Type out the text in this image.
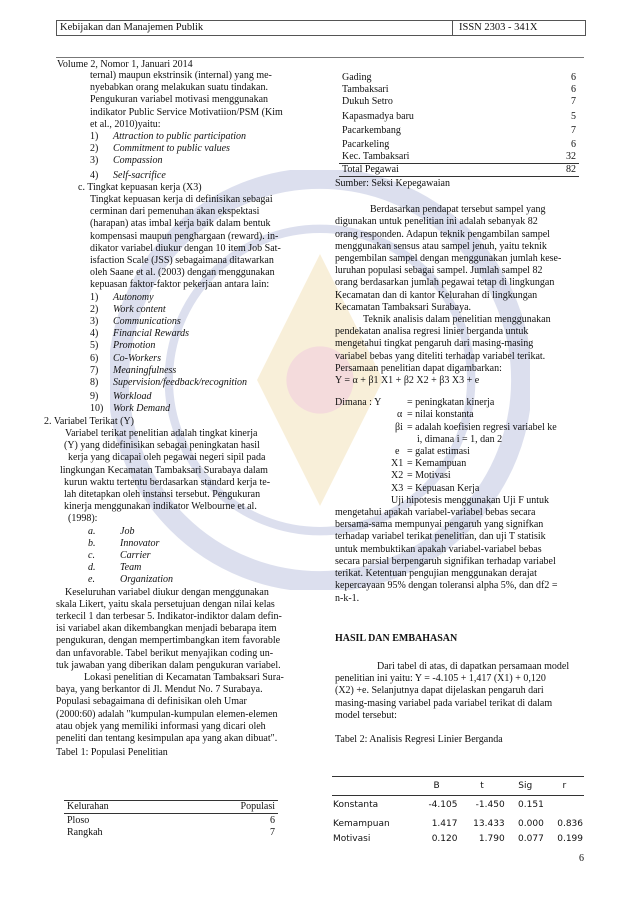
Kebijakan dan Manajemen Publik	ISSN 2303 - 341X
Volume 2, Nomor 1, Januari 2014
ternal) maupun ekstrinsik (internal) yang me-
nyebabkan orang melakukan suatu tindakan.
Pengukuran variabel motivasi menggunakan
indikator Public Service Motivatiion/PSM (Kim
et al., 2010)yaitu:
1)	Attraction to public participation
2)	Commitment to public values
3)	Compassion
4)	Self-sacrifice
c. Tingkat kepuasan kerja (X3)
Tingkat kepuasan kerja di definisikan sebagai
cerminan dari pemenuhan akan ekspektasi
(harapan) atas imbal kerja baik dalam bentuk
kompensasi maupun penghargaan (reward). in-
dikator variabel diukur dengan 10 item Job Sat-
isfaction Scale (JSS) sebagaimana ditawarkan
oleh Saane et al. (2003) dengan menggunakan
kepuasan faktor-faktor pekerjaan antara lain:
1)	Autonomy
2)	Work content
3)	Communications
4)	Financial Rewards
5)	Promotion
6)	Co-Workers
7)	Meaningfulness
8)	Supervision/feedback/recognition
9)	Workload
10) Work Demand
2. Variabel Terikat (Y)
Variabel terikat penelitian adalah tingkat kinerja
(Y) yang didefinisikan sebagai peningkatan hasil
kerja yang dicapai oleh pegawai negeri sipil pada
lingkungan Kecamatan Tambaksari Surabaya dalam
kurun waktu tertentu berdasarkan standard kerja te-
lah ditetapkan oleh instansi tersebut. Pengukuran
kinerja menggunakan indikator Welbourne et al.
(1998):
a.	Job
b.	Innovator
c.	Carrier
d.	Team
e.	Organization
Keseluruhan variabel diukur dengan menggunakan
skala Likert, yaitu skala persetujuan dengan nilai kelas
terkecil 1 dan terbesar 5. Indikator-indiktor dalam defin-
isi variabel akan dikembangkan menjadi bebarapa item
pengukuran, dengan mempertimbangkan item favorable
dan unfavorable. Tabel berikut menyajikan coding un-
tuk jawaban yang diberikan dalam pengukuran variabel.
Lokasi penelitian di Kecamatan Tambaksari Sura-
baya, yang berkantor di Jl. Mendut No. 7 Surabaya.
Populasi sebagaimana di definisikan oleh Umar
(2000:60) adalah "kumpulan-kumpulan elemen-elemen
atau objek yang memiliki informasi yang dicari oleh
peneliti dan tentang kesimpulan apa yang akan dibuat".
Tabel 1: Populasi Penelitian
Kelurahan	Populasi

Ploso	6
Rangkah	7
Gading	6
Tambaksari	6
Dukuh Setro	7
Kapasmadya baru	5
Pacarkembang	7
Pacarkeling	6
Kec. Tambaksari	32
Total Pegawai	82
Sumber: Seksi Kepegawaian
Berdasarkan pendapat tersebut sampel yang
digunakan untuk penelitian ini adalah sebanyak 82
orang responden. Adapun teknik pengambilan sampel
menggunakan sensus atau sampel jenuh, yaitu teknik
pengembilan sampel dengan menggunakan jumlah kese-
luruhan populasi sebagai sampel. Jumlah sampel 82
orang berdasarkan jumlah pegawai tetap di lingkungan
Kecamatan dan di kantor Kelurahan di lingkungan
Kecamatan Tambaksari Surabaya.
Teknik analisis dalam penelitian menggunakan
pendekatan analisa regresi linier berganda untuk
mengetahui tingkat pengaruh dari masing-masing
variabel bebas yang diteliti terhadap variabel terikat.
Persamaan penelitian dapat digambarkan:
Y = α + β1 X1 + β2 X2 + β3 X3 + e
Dimana : Y	= peningkatan kinerja
α = nilai konstanta
βi = adalah koefisien regresi variabel ke
i, dimana i = 1, dan 2
e = galat estimasi
X1 = Kemampuan
X2 = Motivasi
X3 = Kepuasan Kerja
Uji hipotesis menggunakan Uji F untuk
mengetahui apakah variabel-variabel bebas secara
bersama-sama mempunyai pengaruh yang signifkan
terhadap variabel terikat penelitian, dan uji T statisik
untuk membuktikan apakah variabel-variabel bebas
secara parsial berpengaruh signifikan terhadap variabel
terikat. Ketentuan pengujian menggunakan derajat
kepercayaan 95% dengan toleransi alpha 5%, dan df2 =
n-k-1.
HASIL DAN EMBAHASAN
Dari tabel di atas, di dapatkan persamaan model
penelitian ini yaitu: Y = -4.105 + 1,417 (X1) + 0,120
(X2) +e. Selanjutnya dapat dijelaskan pengaruh dari
masing-masing variabel pada variabel terikat di dalam
model tersebut:
Tabel 2: Analisis Regresi Linier Berganda
	B	t	Sig	r
Konstanta	-4.105	-1.450	0.151	
Kemampuan	1.417	13.433	0.000	0.836
Motivasi	0.120	1.790	0.077	0.199
6
